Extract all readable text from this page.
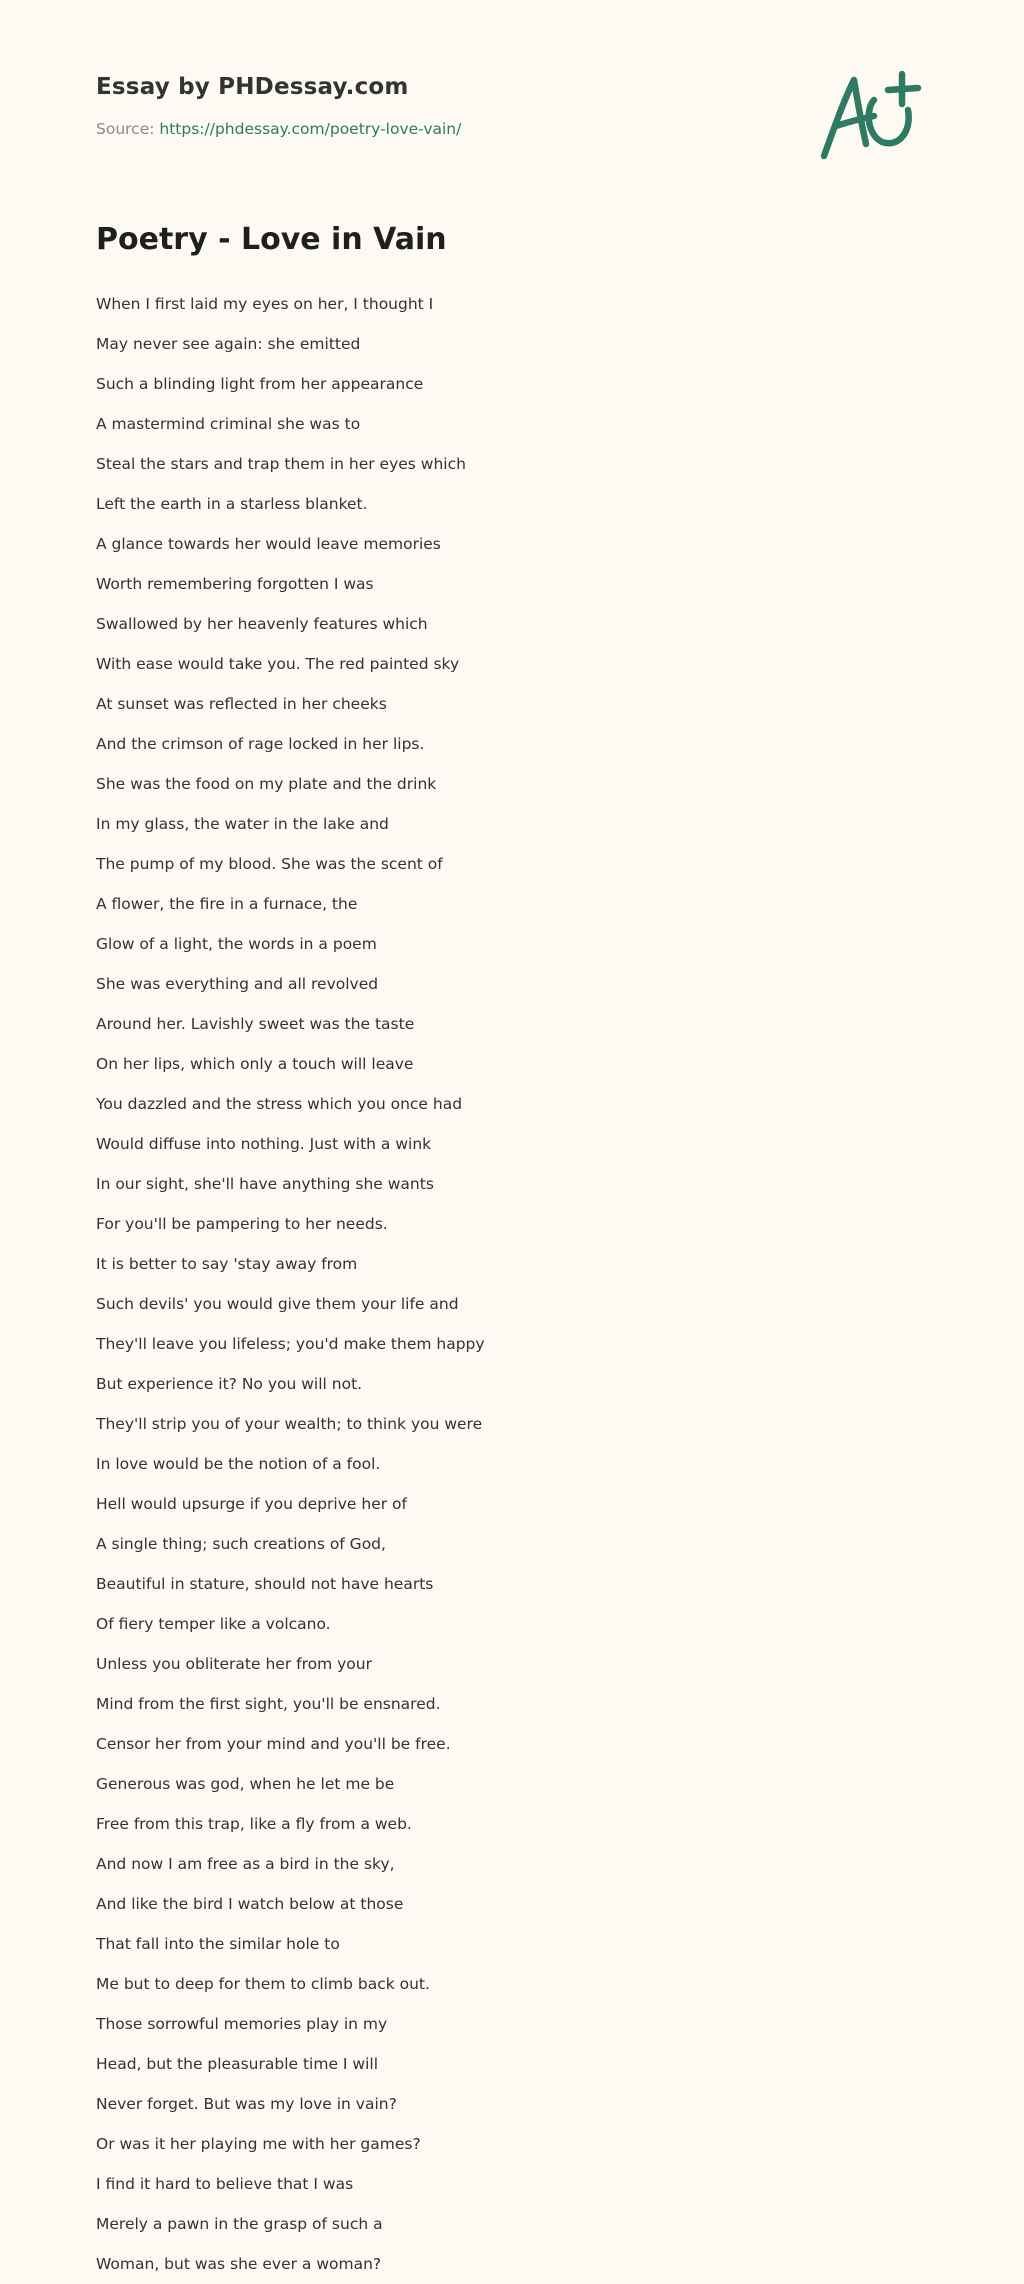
Essay by PHDessay.com
Source: https://phdessay.com/poetry-love-vain/
Poetry - Love in Vain
When I first laid my eyes on her, I thought I
May never see again: she emitted
Such a blinding light from her appearance
A mastermind criminal she was to
Steal the stars and trap them in her eyes which
Left the earth in a starless blanket.
A glance towards her would leave memories
Worth remembering forgotten I was
Swallowed by her heavenly features which
With ease would take you. The red painted sky
At sunset was reflected in her cheeks
And the crimson of rage locked in her lips.
She was the food on my plate and the drink
In my glass, the water in the lake and
The pump of my blood. She was the scent of
A flower, the fire in a furnace, the
Glow of a light, the words in a poem
She was everything and all revolved
Around her. Lavishly sweet was the taste
On her lips, which only a touch will leave
You dazzled and the stress which you once had
Would diffuse into nothing. Just with a wink
In our sight, she'll have anything she wants
For you'll be pampering to her needs.
It is better to say 'stay away from
Such devils' you would give them your life and
They'll leave you lifeless; you'd make them happy
But experience it? No you will not.
They'll strip you of your wealth; to think you were
In love would be the notion of a fool.
Hell would upsurge if you deprive her of
A single thing; such creations of God,
Beautiful in stature, should not have hearts
Of fiery temper like a volcano.
Unless you obliterate her from your
Mind from the first sight, you'll be ensnared.
Censor her from your mind and you'll be free.
Generous was god, when he let me be
Free from this trap, like a fly from a web.
And now I am free as a bird in the sky,
And like the bird I watch below at those
That fall into the similar hole to
Me but to deep for them to climb back out.
Those sorrowful memories play in my
Head, but the pleasurable time I will
Never forget. But was my love in vain?
Or was it her playing me with her games?
I find it hard to believe that I was
Merely a pawn in the grasp of such a
Woman, but was she ever a woman?
